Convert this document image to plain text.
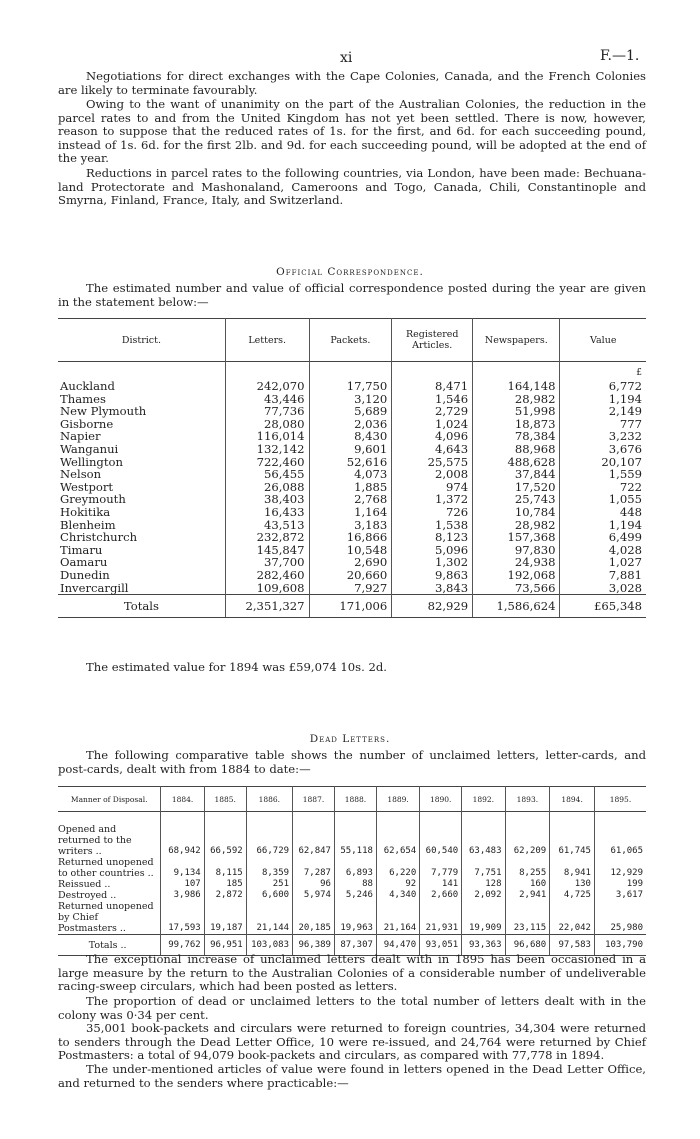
xi	F.—1.

Negotiations for direct exchanges with the Cape Colonies, Canada, and the French Colonies are likely to terminate favourably.

Owing to the want of unanimity on the part of the Australian Colonies, the reduction in the parcel rates to and from the United Kingdom has not yet been settled. There is now, however, reason to suppose that the reduced rates of 1s. for the first, and 6d. for each succeeding pound, instead of 1s. 6d. for the first 2lb. and 9d. for each succeeding pound, will be adopted at the end of the year.

Reductions in parcel rates to the following countries, via London, have been made: Bechuana-land Protectorate and Mashonaland, Cameroons and Togo, Canada, Chili, Constantinople and Smyrna, Finland, France, Italy, and Switzerland.

Official Correspondence.

The estimated number and value of official correspondence posted during the year are given in the statement below:—

District.	Letters.	Packets.	Registered Articles.	Newspapers.	Value
					£
Auckland	242,070	17,750	8,471	164,148	6,772
Thames	43,446	3,120	1,546	28,982	1,194
New Plymouth	77,736	5,689	2,729	51,998	2,149
Gisborne	28,080	2,036	1,024	18,873	777
Napier	116,014	8,430	4,096	78,384	3,232
Wanganui	132,142	9,601	4,643	88,968	3,676
Wellington	722,460	52,616	25,575	488,628	20,107
Nelson	56,455	4,073	2,008	37,844	1,559
Westport	26,088	1,885	974	17,520	722
Greymouth	38,403	2,768	1,372	25,743	1,055
Hokitika	16,433	1,164	726	10,784	448
Blenheim	43,513	3,183	1,538	28,982	1,194
Christchurch	232,872	16,866	8,123	157,368	6,499
Timaru	145,847	10,548	5,096	97,830	4,028
Oamaru	37,700	2,690	1,302	24,938	1,027
Dunedin	282,460	20,660	9,863	192,068	7,881
Invercargill	109,608	7,927	3,843	73,566	3,028
Totals	2,351,327	171,006	82,929	1,586,624	£65,348

The estimated value for 1894 was £59,074 10s. 2d.

Dead Letters.

The following comparative table shows the number of unclaimed letters, letter-cards, and post-cards, dealt with from 1884 to date:—

Manner of Disposal.	1884.	1885.	1886.	1887.	1888.	1889.	1890.	1892.	1893.	1894.	1895.

Opened and returned to the writers ..	68,942	66,592	66,729	62,847	55,118	62,654	60,540	63,483	62,209	61,745	61,065
Returned unopened to other countries ..	9,134	8,115	8,359	7,287	6,893	6,220	7,779	7,751	8,255	8,941	12,929
Reissued ..	107	185	251	96	88	92	141	128	160	130	199
Destroyed ..	3,986	2,872	6,600	5,974	5,246	4,340	2,660	2,092	2,941	4,725	3,617
Returned unopened by Chief Postmasters ..	17,593	19,187	21,144	20,185	19,963	21,164	21,931	19,909	23,115	22,042	25,980
Totals ..	99,762	96,951	103,083	96,389	87,307	94,470	93,051	93,363	96,680	97,583	103,790

The exceptional increase of unclaimed letters dealt with in 1895 has been occasioned in a large measure by the return to the Australian Colonies of a considerable number of undeliverable racing-sweep circulars, which had been posted as letters.

The proportion of dead or unclaimed letters to the total number of letters dealt with in the colony was 0·34 per cent.

35,001 book-packets and circulars were returned to foreign countries, 34,304 were returned to senders through the Dead Letter Office, 10 were re-issued, and 24,764 were returned by Chief Postmasters: a total of 94,079 book-packets and circulars, as compared with 77,778 in 1894.

The under-mentioned articles of value were found in letters opened in the Dead Letter Office, and returned to the senders where practicable:—
